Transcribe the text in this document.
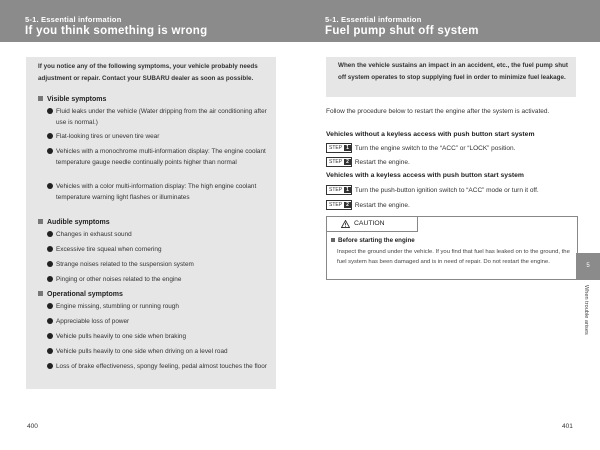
5-1. Essential information
If you think something is wrong
If you notice any of the following symptoms, your vehicle probably needs adjustment or repair. Contact your SUBARU dealer as soon as possible.
Visible symptoms
Fluid leaks under the vehicle (Water dripping from the air conditioning after use is normal.)
Flat-looking tires or uneven tire wear
Vehicles with a monochrome multi-information display: The engine coolant temperature gauge needle continually points higher than normal
Vehicles with a color multi-information display: The high engine coolant temperature warning light flashes or illuminates
Audible symptoms
Changes in exhaust sound
Excessive tire squeal when cornering
Strange noises related to the suspension system
Pinging or other noises related to the engine
Operational symptoms
Engine missing, stumbling or running rough
Appreciable loss of power
Vehicle pulls heavily to one side when braking
Vehicle pulls heavily to one side when driving on a level road
Loss of brake effectiveness, spongy feeling, pedal almost touches the floor
400
5-1. Essential information
Fuel pump shut off system
When the vehicle sustains an impact in an accident, etc., the fuel pump shut off system operates to stop supplying fuel in order to minimize fuel leakage.
Follow the procedure below to restart the engine after the system is activated.
Vehicles without a keyless access with push button start system
STEP 1 Turn the engine switch to the “ACC” or “LOCK” position.
STEP 2 Restart the engine.
Vehicles with a keyless access with push button start system
STEP 1 Turn the push-button ignition switch to “ACC” mode or turn it off.
STEP 2 Restart the engine.
CAUTION
Before starting the engine
Inspect the ground under the vehicle. If you find that fuel has leaked on to the ground, the fuel system has been damaged and is in need of repair. Do not restart the engine.
5
When trouble arises
401
